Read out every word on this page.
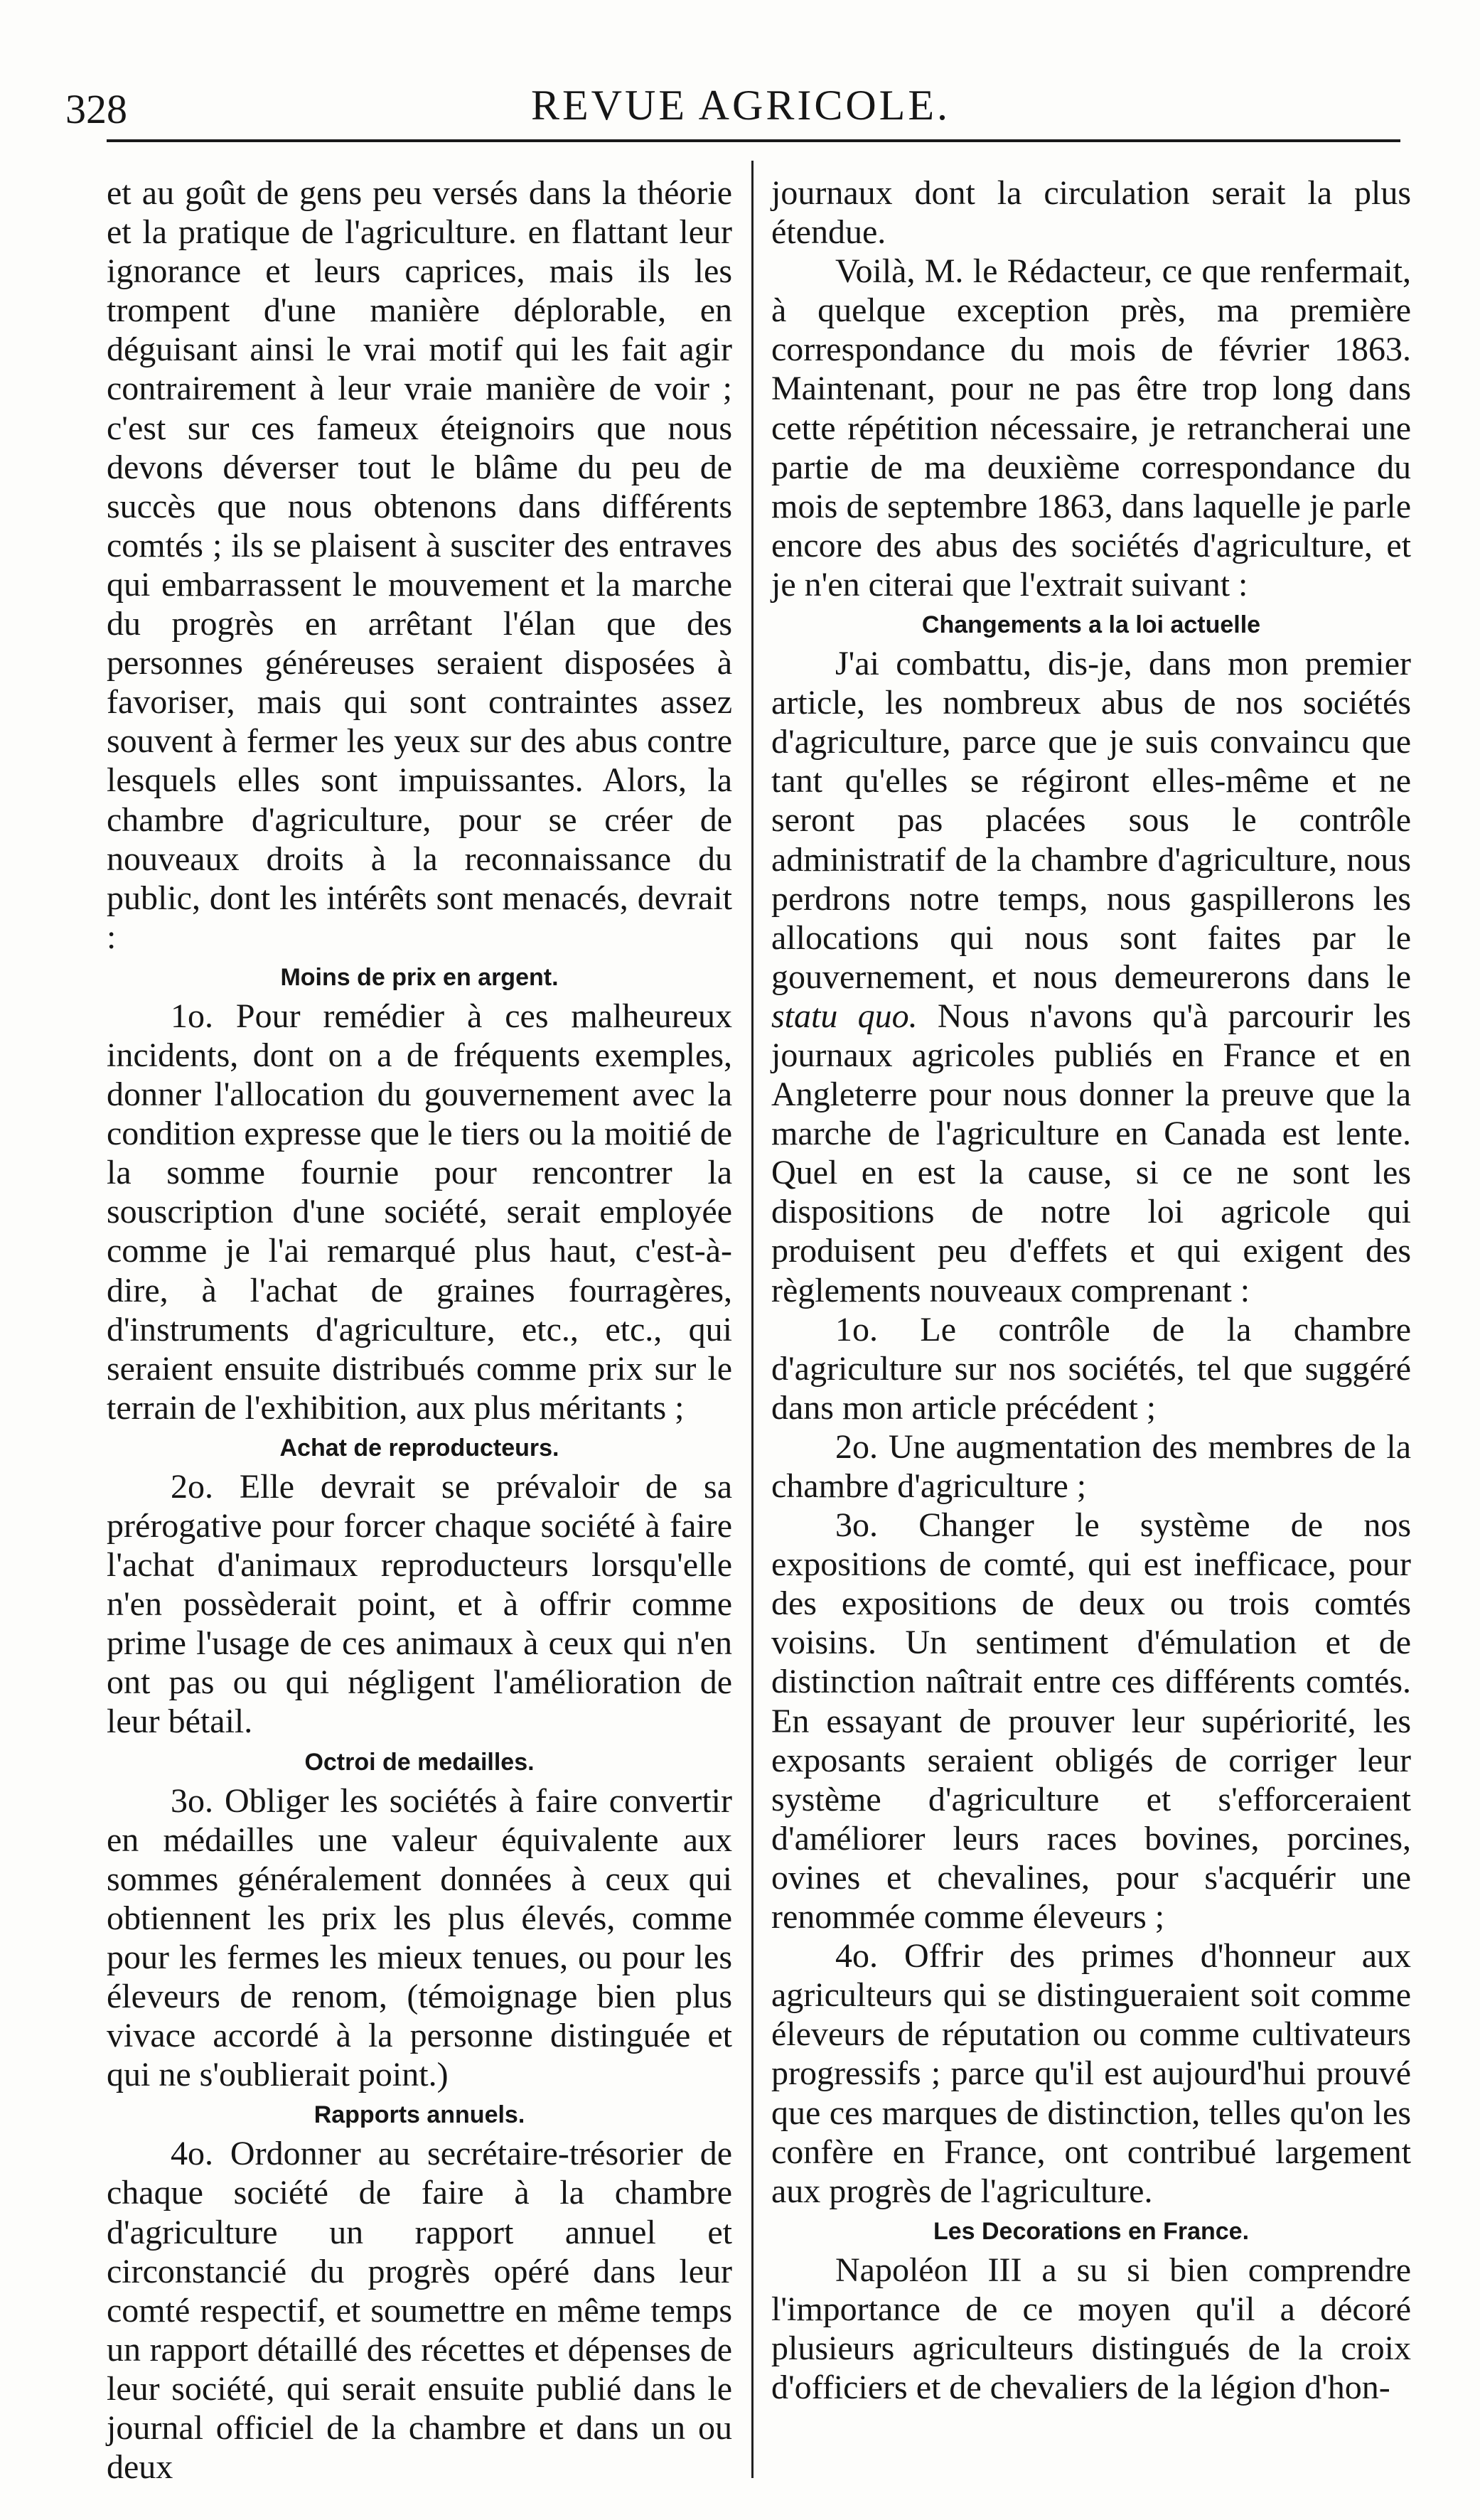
328	REVUE AGRICOLE.

et au goût de gens peu versés dans la théorie et la pratique de l'agriculture. en flattant leur ignorance et leurs caprices, mais ils les trompent d'une manière déplorable, en déguisant ainsi le vrai motif qui les fait agir contrairement à leur vraie manière de voir ; c'est sur ces fameux éteignoirs que nous devons déverser tout le blâme du peu de succès que nous obtenons dans différents comtés ; ils se plaisent à susciter des entraves qui embarrassent le mouvement et la marche du progrès en arrêtant l'élan que des personnes généreuses seraient disposées à favoriser, mais qui sont contraintes assez souvent à fermer les yeux sur des abus contre lesquels elles sont impuissantes. Alors, la chambre d'agriculture, pour se créer de nouveaux droits à la reconnaissance du public, dont les intérêts sont menacés, devrait :

Moins de prix en argent.

1o. Pour remédier à ces malheureux incidents, dont on a de fréquents exemples, donner l'allocation du gouvernement avec la condition expresse que le tiers ou la moitié de la somme fournie pour rencontrer la souscription d'une société, serait employée comme je l'ai remarqué plus haut, c'est-à-dire, à l'achat de graines fourragères, d'instruments d'agriculture, etc., etc., qui seraient ensuite distribués comme prix sur le terrain de l'exhibition, aux plus méritants ;

Achat de reproducteurs.

2o. Elle devrait se prévaloir de sa prérogative pour forcer chaque société à faire l'achat d'animaux reproducteurs lorsqu'elle n'en possèderait point, et à offrir comme prime l'usage de ces animaux à ceux qui n'en ont pas ou qui négligent l'amélioration de leur bétail.

Octroi de medailles.

3o. Obliger les sociétés à faire convertir en médailles une valeur équivalente aux sommes généralement données à ceux qui obtiennent les prix les plus élevés, comme pour les fermes les mieux tenues, ou pour les éleveurs de renom, (témoignage bien plus vivace accordé à la personne distinguée et qui ne s'oublierait point.)

Rapports annuels.

4o. Ordonner au secrétaire-trésorier de chaque société de faire à la chambre d'agriculture un rapport annuel et circonstancié du progrès opéré dans leur comté respectif, et soumettre en même temps un rapport détaillé des récettes et dépenses de leur société, qui serait ensuite publié dans le journal officiel de la chambre et dans un ou deux

journaux dont la circulation serait la plus étendue.

Voilà, M. le Rédacteur, ce que renfermait, à quelque exception près, ma première correspondance du mois de février 1863. Maintenant, pour ne pas être trop long dans cette répétition nécessaire, je retrancherai une partie de ma deuxième correspondance du mois de septembre 1863, dans laquelle je parle encore des abus des sociétés d'agriculture, et je n'en citerai que l'extrait suivant :

Changements a la loi actuelle

J'ai combattu, dis-je, dans mon premier article, les nombreux abus de nos sociétés d'agriculture, parce que je suis convaincu que tant qu'elles se régiront elles-même et ne seront pas placées sous le contrôle administratif de la chambre d'agriculture, nous perdrons notre temps, nous gaspillerons les allocations qui nous sont faites par le gouvernement, et nous demeurerons dans le statu quo. Nous n'avons qu'à parcourir les journaux agricoles publiés en France et en Angleterre pour nous donner la preuve que la marche de l'agriculture en Canada est lente. Quel en est la cause, si ce ne sont les dispositions de notre loi agricole qui produisent peu d'effets et qui exigent des règlements nouveaux comprenant :

1o. Le contrôle de la chambre d'agriculture sur nos sociétés, tel que suggéré dans mon article précédent ;

2o. Une augmentation des membres de la chambre d'agriculture ;

3o. Changer le système de nos expositions de comté, qui est inefficace, pour des expositions de deux ou trois comtés voisins. Un sentiment d'émulation et de distinction naîtrait entre ces différents comtés. En essayant de prouver leur supériorité, les exposants seraient obligés de corriger leur système d'agriculture et s'efforceraient d'améliorer leurs races bovines, porcines, ovines et chevalines, pour s'acquérir une renommée comme éleveurs ;

4o. Offrir des primes d'honneur aux agriculteurs qui se distingueraient soit comme éleveurs de réputation ou comme cultivateurs progressifs ; parce qu'il est aujourd'hui prouvé que ces marques de distinction, telles qu'on les confère en France, ont contribué largement aux progrès de l'agriculture.

Les Decorations en France.

Napoléon III a su si bien comprendre l'importance de ce moyen qu'il a décoré plusieurs agriculteurs distingués de la croix d'officiers et de chevaliers de la légion d'hon-
